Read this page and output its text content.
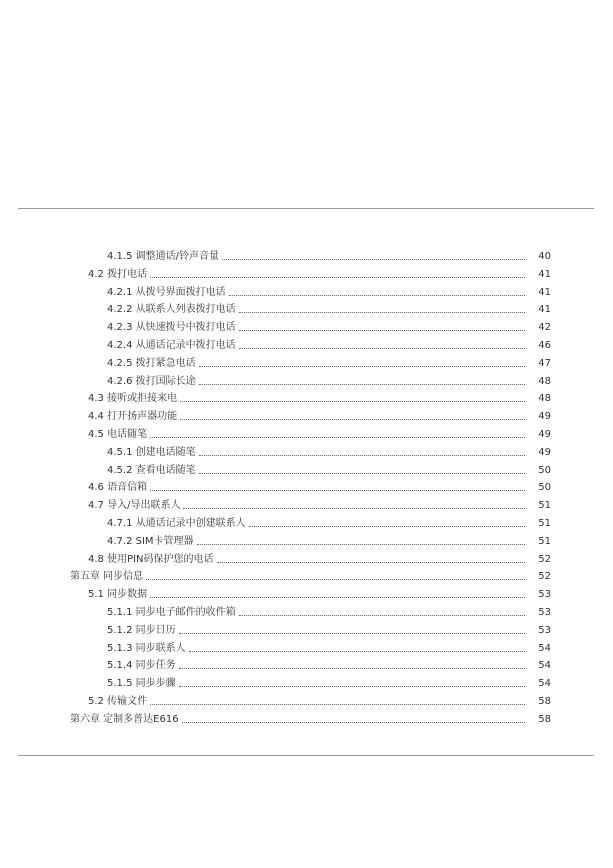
4.1.5 调整通话/铃声音量	40
4.2 拨打电话	41
4.2.1 从拨号界面拨打电话	41
4.2.2 从联系人列表拨打电话	41
4.2.3 从快速拨号中拨打电话	42
4.2.4 从通话记录中拨打电话	46
4.2.5 拨打紧急电话	47
4.2.6 拨打国际长途	48
4.3 接听或拒接来电	48
4.4 打开扬声器功能	49
4.5 电话随笔	49
4.5.1 创建电话随笔	49
4.5.2 查看电话随笔	50
4.6 语音信箱	50
4.7 导入/导出联系人	51
4.7.1 从通话记录中创建联系人	51
4.7.2 SIM卡管理器	51
4.8 使用PIN码保护您的电话	52
第五章 同步信息	52
5.1 同步数据	53
5.1.1 同步电子邮件的收件箱	53
5.1.2 同步日历	53
5.1.3 同步联系人	54
5.1.4 同步任务	54
5.1.5 同步步骤	54
5.2 传输文件	58
第六章 定制多普达E616	58
